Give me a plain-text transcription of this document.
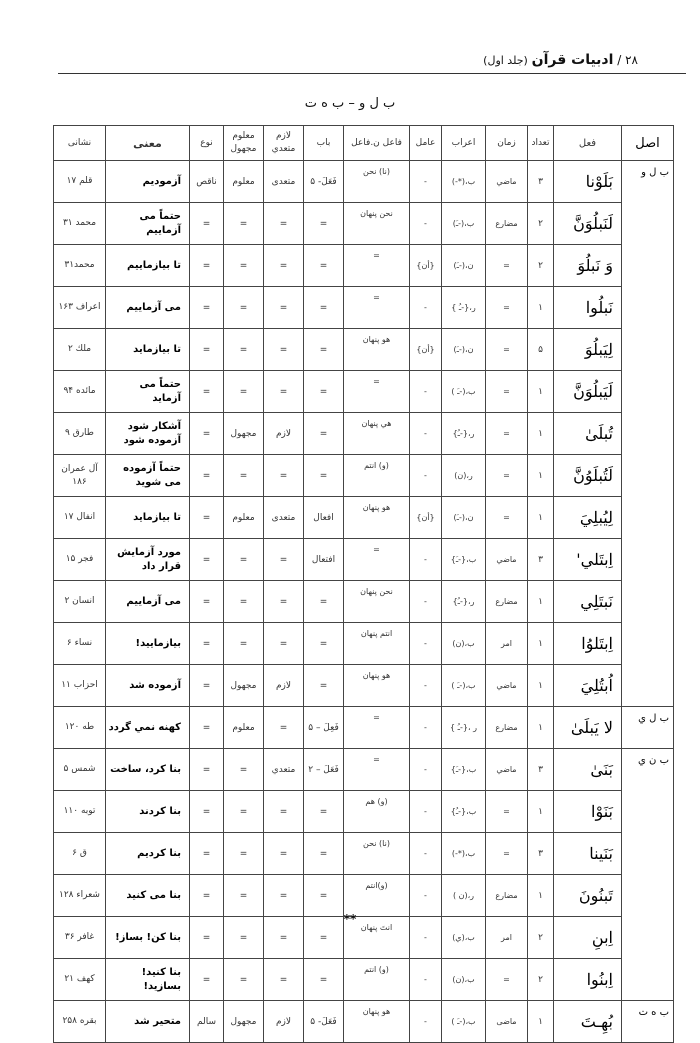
۲۸ / ادبیات قرآن (جلد اول)
ب ل و – ب ه ت
اصل	فعل	تعداد	زمان	اعراب	عامل	فاعل ن.فاعل	باب	لازم متعدي	معلوم مجهول	نوع	معنی	نشانی
ب ل و	بَلَوْنا	۳	ماضي	ب،(*-)	-	(نا) نحن	فَعَلَ- ۵	متعدی	معلوم	ناقص	آزموديم	قلم ۱۷
	لَنَبلُوَنَّ	۲	مضارع	ب،(-ـَ)	-	نحن پنهان	=	=	=	=	حتماً می آزماییم	محمد ۳۱
	وَ نَبلُوَ	۲	=	ن،(-ـَ)	{أن}	=	=	=	=	=	تا بیازماییم	محمد۳۱
	نَبلُوا	۱	=	ر،{-ـُ }	-	=	=	=	=	=	می آزماییم	اعراف ۱۶۳
	لِيَبلُوَ	۵	=	ن،(-ـَ)	{أن}	هو پنهان	=	=	=	=	تا بیازماید	ملك ۲
	لَيَبلُوَنَّ	۱	=	ب،(-ـَ )	-	=	=	=	=	=	حتماً می آزماید	مائده ۹۴
	تُبلَىٰ	۱	=	ر،{-ـُ}	-	هي پنهان	=	لازم	مجهول	=	آشکار شود آزموده شود	طارق ۹
	لَتُبلَوُنَّ	۱	=	ر،(ن)	-	(و) انتم	=	=	=	=	حتماً آزموده می شوید	آل عمران ۱۸۶
	لِيُبلِيَ	۱	=	ن،(-ـَ)	{أن}	هو پنهان	افعال	متعدی	معلوم	=	تا بیازماید	انفال ۱۷
	اِبتَلي'	۳	ماضي	ب،{-ـَ}	-	=	افتعال	=	=	=	مورد آزمایش قرار داد	فجر ۱۵
	نَبتَلِي	۱	مضارع	ر،{-ـُ}	-	نحن پنهان	=	=	=	=	می آزماییم	انسان ۲
	اِبتَلوُا	۱	امر	ب،(ن)	-	انتم پنهان	=	=	=	=	بیازمایید!	نساء ۶
	اُبتُلِيَ	۱	ماضي	ب،(-ـَ )	-	هو پنهان	=	لازم	مجهول	=	آزموده شد	احزاب ۱۱
ب ل ي	لا يَبلَىٰ	۱	مضارع	ر ،{-ـُ }	-	=	فَعِلَ – ۵	=	معلوم	=	کهنه نمي گردد	طه ۱۲۰
ب ن ي	بَنَىٰ	۳	ماضي	ب،{-ـَ}	-	=	فَعَلَ – ۲	متعدي	=	=	بنا کرد، ساخت	شمس ۵
	بَنَوْا	۱	=	ب،{-ـُ}	-	(و) هم	=	=	=	=	بنا کردند	توبه ۱۱۰
	بَنَينا	۳	=	ب،(*-)	-	(نا) نحن	=	=	=	=	بنا کردیم	ق ۶
	تَبنُونَ	۱	مضارع	ر،(ن )	-	(و)انتم	=	=	=	=	بنا می کنید	شعراء ۱۲۸
	اِبنِ	۲	امر	ب،(ي)	-	انتَ پنهان	=	=	=	=	بنا کن! بساز!	غافر ۳۶
	اِبنُوا	۲	=	ب،(ن)	-	(و) انتم	=	=	=	=	بنا کنید! بسازید!	کهف ۲۱
ب ه ت	بُهِـتَ	۱	ماضی	ب،(-ـَ )	-	هو پنهان	فَعَلَ- ۵	لازم	مجهول	سالم	متحیر شد	بقره ۲۵۸
**
